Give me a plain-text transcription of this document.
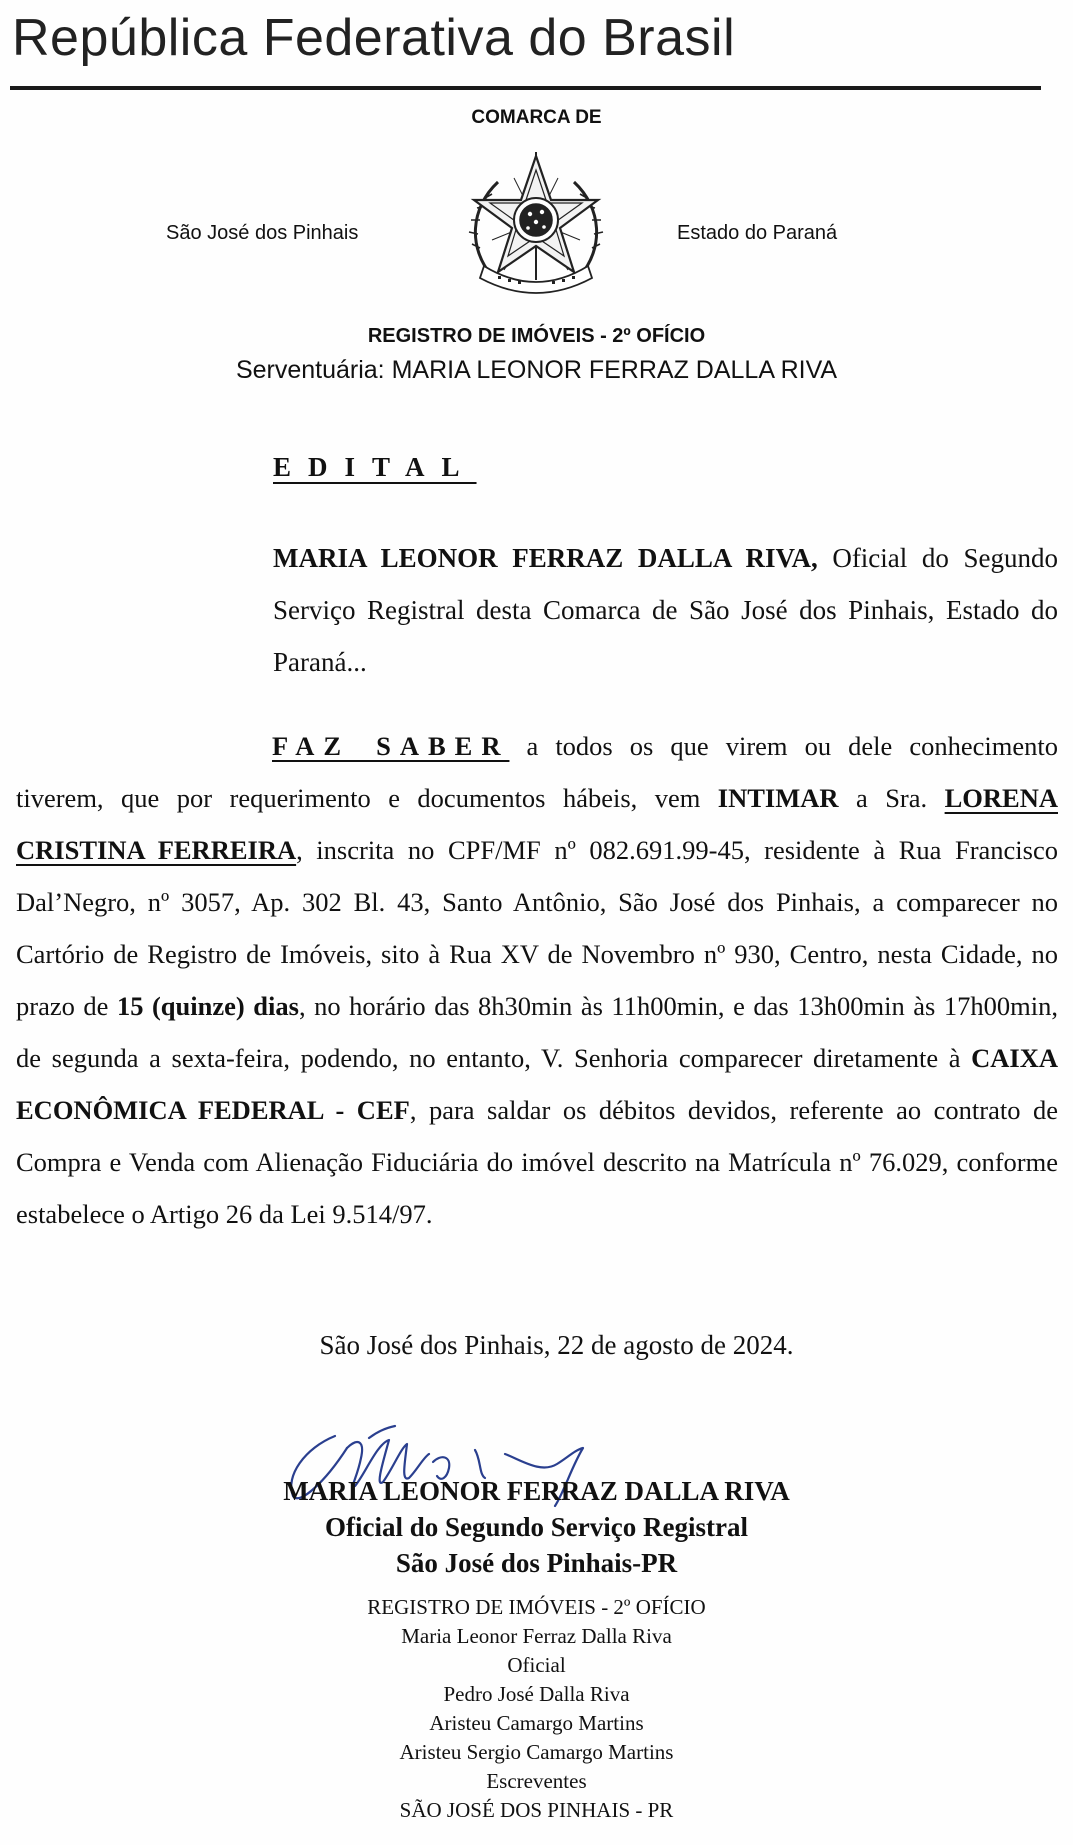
República Federativa do Brasil
COMARCA DE
São José dos Pinhais	Estado do Paraná
REGISTRO DE IMÓVEIS - 2º OFÍCIO
Serventuária: MARIA LEONOR FERRAZ DALLA RIVA
EDITAL
MARIA LEONOR FERRAZ DALLA RIVA, Oficial do Segundo Serviço Registral desta Comarca de São José dos Pinhais, Estado do Paraná...
FAZ SABER a todos os que virem ou dele conhecimento tiverem, que por requerimento e documentos hábeis, vem INTIMAR a Sra. LORENA CRISTINA FERREIRA, inscrita no CPF/MF nº 082.691.99-45, residente à Rua Francisco Dal’Negro, nº 3057, Ap. 302 Bl. 43, Santo Antônio, São José dos Pinhais, a comparecer no Cartório de Registro de Imóveis, sito à Rua XV de Novembro nº 930, Centro, nesta Cidade, no prazo de 15 (quinze) dias, no horário das 8h30min às 11h00min, e das 13h00min às 17h00min, de segunda a sexta-feira, podendo, no entanto, V. Senhoria comparecer diretamente à CAIXA ECONÔMICA FEDERAL - CEF, para saldar os débitos devidos, referente ao contrato de Compra e Venda com Alienação Fiduciária do imóvel descrito na Matrícula nº 76.029, conforme estabelece o Artigo 26 da Lei 9.514/97.
São José dos Pinhais, 22 de agosto de 2024.
MARIA LEONOR FERRAZ DALLA RIVA
Oficial do Segundo Serviço Registral
São José dos Pinhais-PR
REGISTRO DE IMÓVEIS - 2º OFÍCIO
Maria Leonor Ferraz Dalla Riva
Oficial
Pedro José Dalla Riva
Aristeu Camargo Martins
Aristeu Sergio Camargo Martins
Escreventes
SÃO JOSÉ DOS PINHAIS - PR
